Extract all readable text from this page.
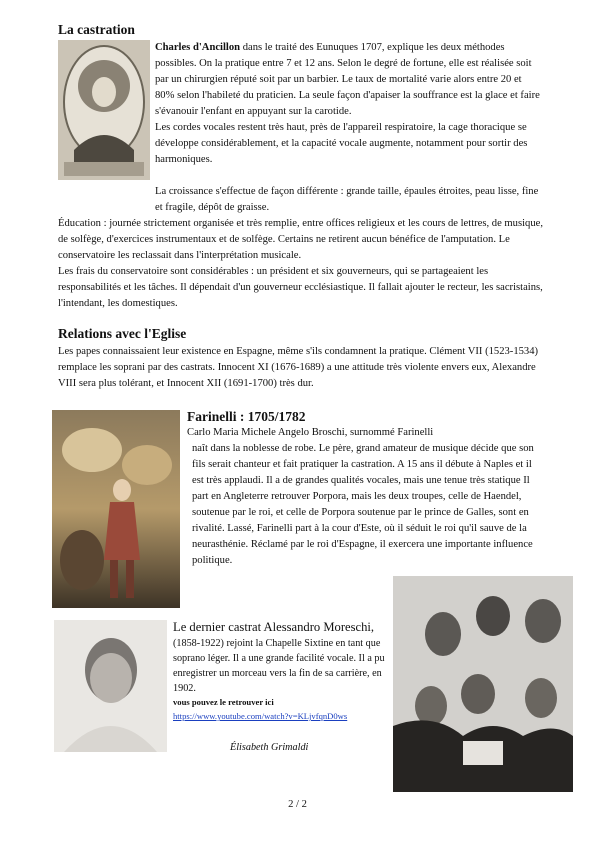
La castration

Charles d'Ancillon dans le traité des Eunuques 1707, explique les deux méthodes possibles. On la pratique entre 7 et 12 ans. Selon le degré de fortune, elle est réalisée soit par un chirurgien réputé soit par un barbier. Le taux de mortalité varie alors entre 20 et 80% selon l'habileté du praticien. La seule façon d'apaiser la souffrance est la glace et faire s'évanouir l'enfant en appuyant sur la carotide.

Les cordes vocales restent très haut, près de l'appareil respiratoire, la cage thoracique se développe considérablement, et la capacité vocale augmente, notamment pour sortir des harmoniques.

La croissance s'effectue de façon différente : grande taille, épaules étroites, peau lisse, fine et fragile, dépôt de graisse.

Éducation : journée strictement organisée et très remplie, entre offices religieux et les cours de lettres, de musique, de solfège, d'exercices instrumentaux et de solfège. Certains ne retirent aucun bénéfice de l'amputation. Le conservatoire les reclassait dans l'interprétation musicale.

Les frais du conservatoire sont considérables : un président et six gouverneurs, qui se partageaient les responsabilités et les tâches. Il dépendait d'un gouverneur ecclésiastique. Il fallait ajouter le recteur, les sacristains, l'intendant, les domestiques.

Relations avec l'Eglise

Les papes connaissaient leur existence en Espagne, même s'ils condamnent la pratique. Clément VII (1523-1534) remplace les soprani par des castrats. Innocent XI (1676-1689) a une attitude très violente envers eux, Alexandre VIII sera plus tolérant, et Innocent XII (1691-1700) très dur.

Farinelli : 1705/1782

Carlo Maria Michele Angelo Broschi, surnommé Farinelli

naît dans la noblesse de robe. Le père, grand amateur de musique décide que son fils serait chanteur et fait pratiquer la castration. A 15 ans il débute à Naples et il est très applaudi. Il a de grandes qualités vocales, mais une tenue très statique Il part en Angleterre retrouver Porpora, mais les deux troupes, celle de Haendel, soutenue par le roi, et celle de Porpora soutenue par le prince de Galles, sont en rivalité. Lassé, Farinelli part à la cour d'Este, où il séduit le roi qu'il sauve de la neurasthénie. Réclamé par le roi d'Espagne, il exercera une importante influence politique.

Le dernier castrat Alessandro Moreschi, (1858-1922) rejoint la Chapelle Sixtine en tant que soprano léger. Il a une grande facilité vocale. Il a pu enregistrer un morceau vers la fin de sa carrière, en 1902.
vous pouvez le retrouver ici
https://www.youtube.com/watch?v=KLjvfqnD0ws
Élisabeth Grimaldi
2 / 2
